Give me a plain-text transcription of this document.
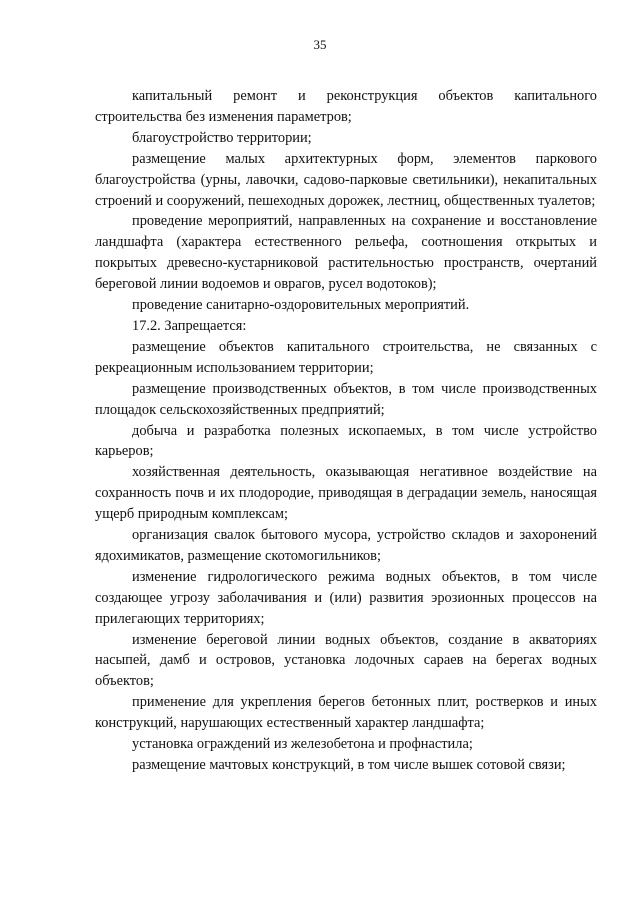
35

капитальный ремонт и реконструкция объектов капитального строительства без изменения параметров;

благоустройство территории;

размещение малых архитектурных форм, элементов паркового благоустройства (урны, лавочки, садово-парковые светильники), некапитальных строений и сооружений, пешеходных дорожек, лестниц, общественных туалетов;

проведение мероприятий, направленных на сохранение и восстановление ландшафта (характера естественного рельефа, соотношения открытых и покрытых древесно-кустарниковой растительностью пространств, очертаний береговой линии водоемов и оврагов, русел водотоков);

проведение санитарно-оздоровительных мероприятий.

17.2. Запрещается:

размещение объектов капитального строительства, не связанных с рекреационным использованием территории;

размещение производственных объектов, в том числе производственных площадок сельскохозяйственных предприятий;

добыча и разработка полезных ископаемых, в том числе устройство карьеров;

хозяйственная деятельность, оказывающая негативное воздействие на сохранность почв и их плодородие, приводящая в деградации земель, наносящая ущерб природным комплексам;

организация свалок бытового мусора, устройство складов и захоронений ядохимикатов, размещение скотомогильников;

изменение гидрологического режима водных объектов, в том числе создающее угрозу заболачивания и (или) развития эрозионных процессов на прилегающих территориях;

изменение береговой линии водных объектов, создание в акваториях насыпей, дамб и островов, установка лодочных сараев на берегах водных объектов;

применение для укрепления берегов бетонных плит, ростверков и иных конструкций, нарушающих естественный характер ландшафта;

установка ограждений из железобетона и профнастила;

размещение мачтовых конструкций, в том числе вышек сотовой связи;
